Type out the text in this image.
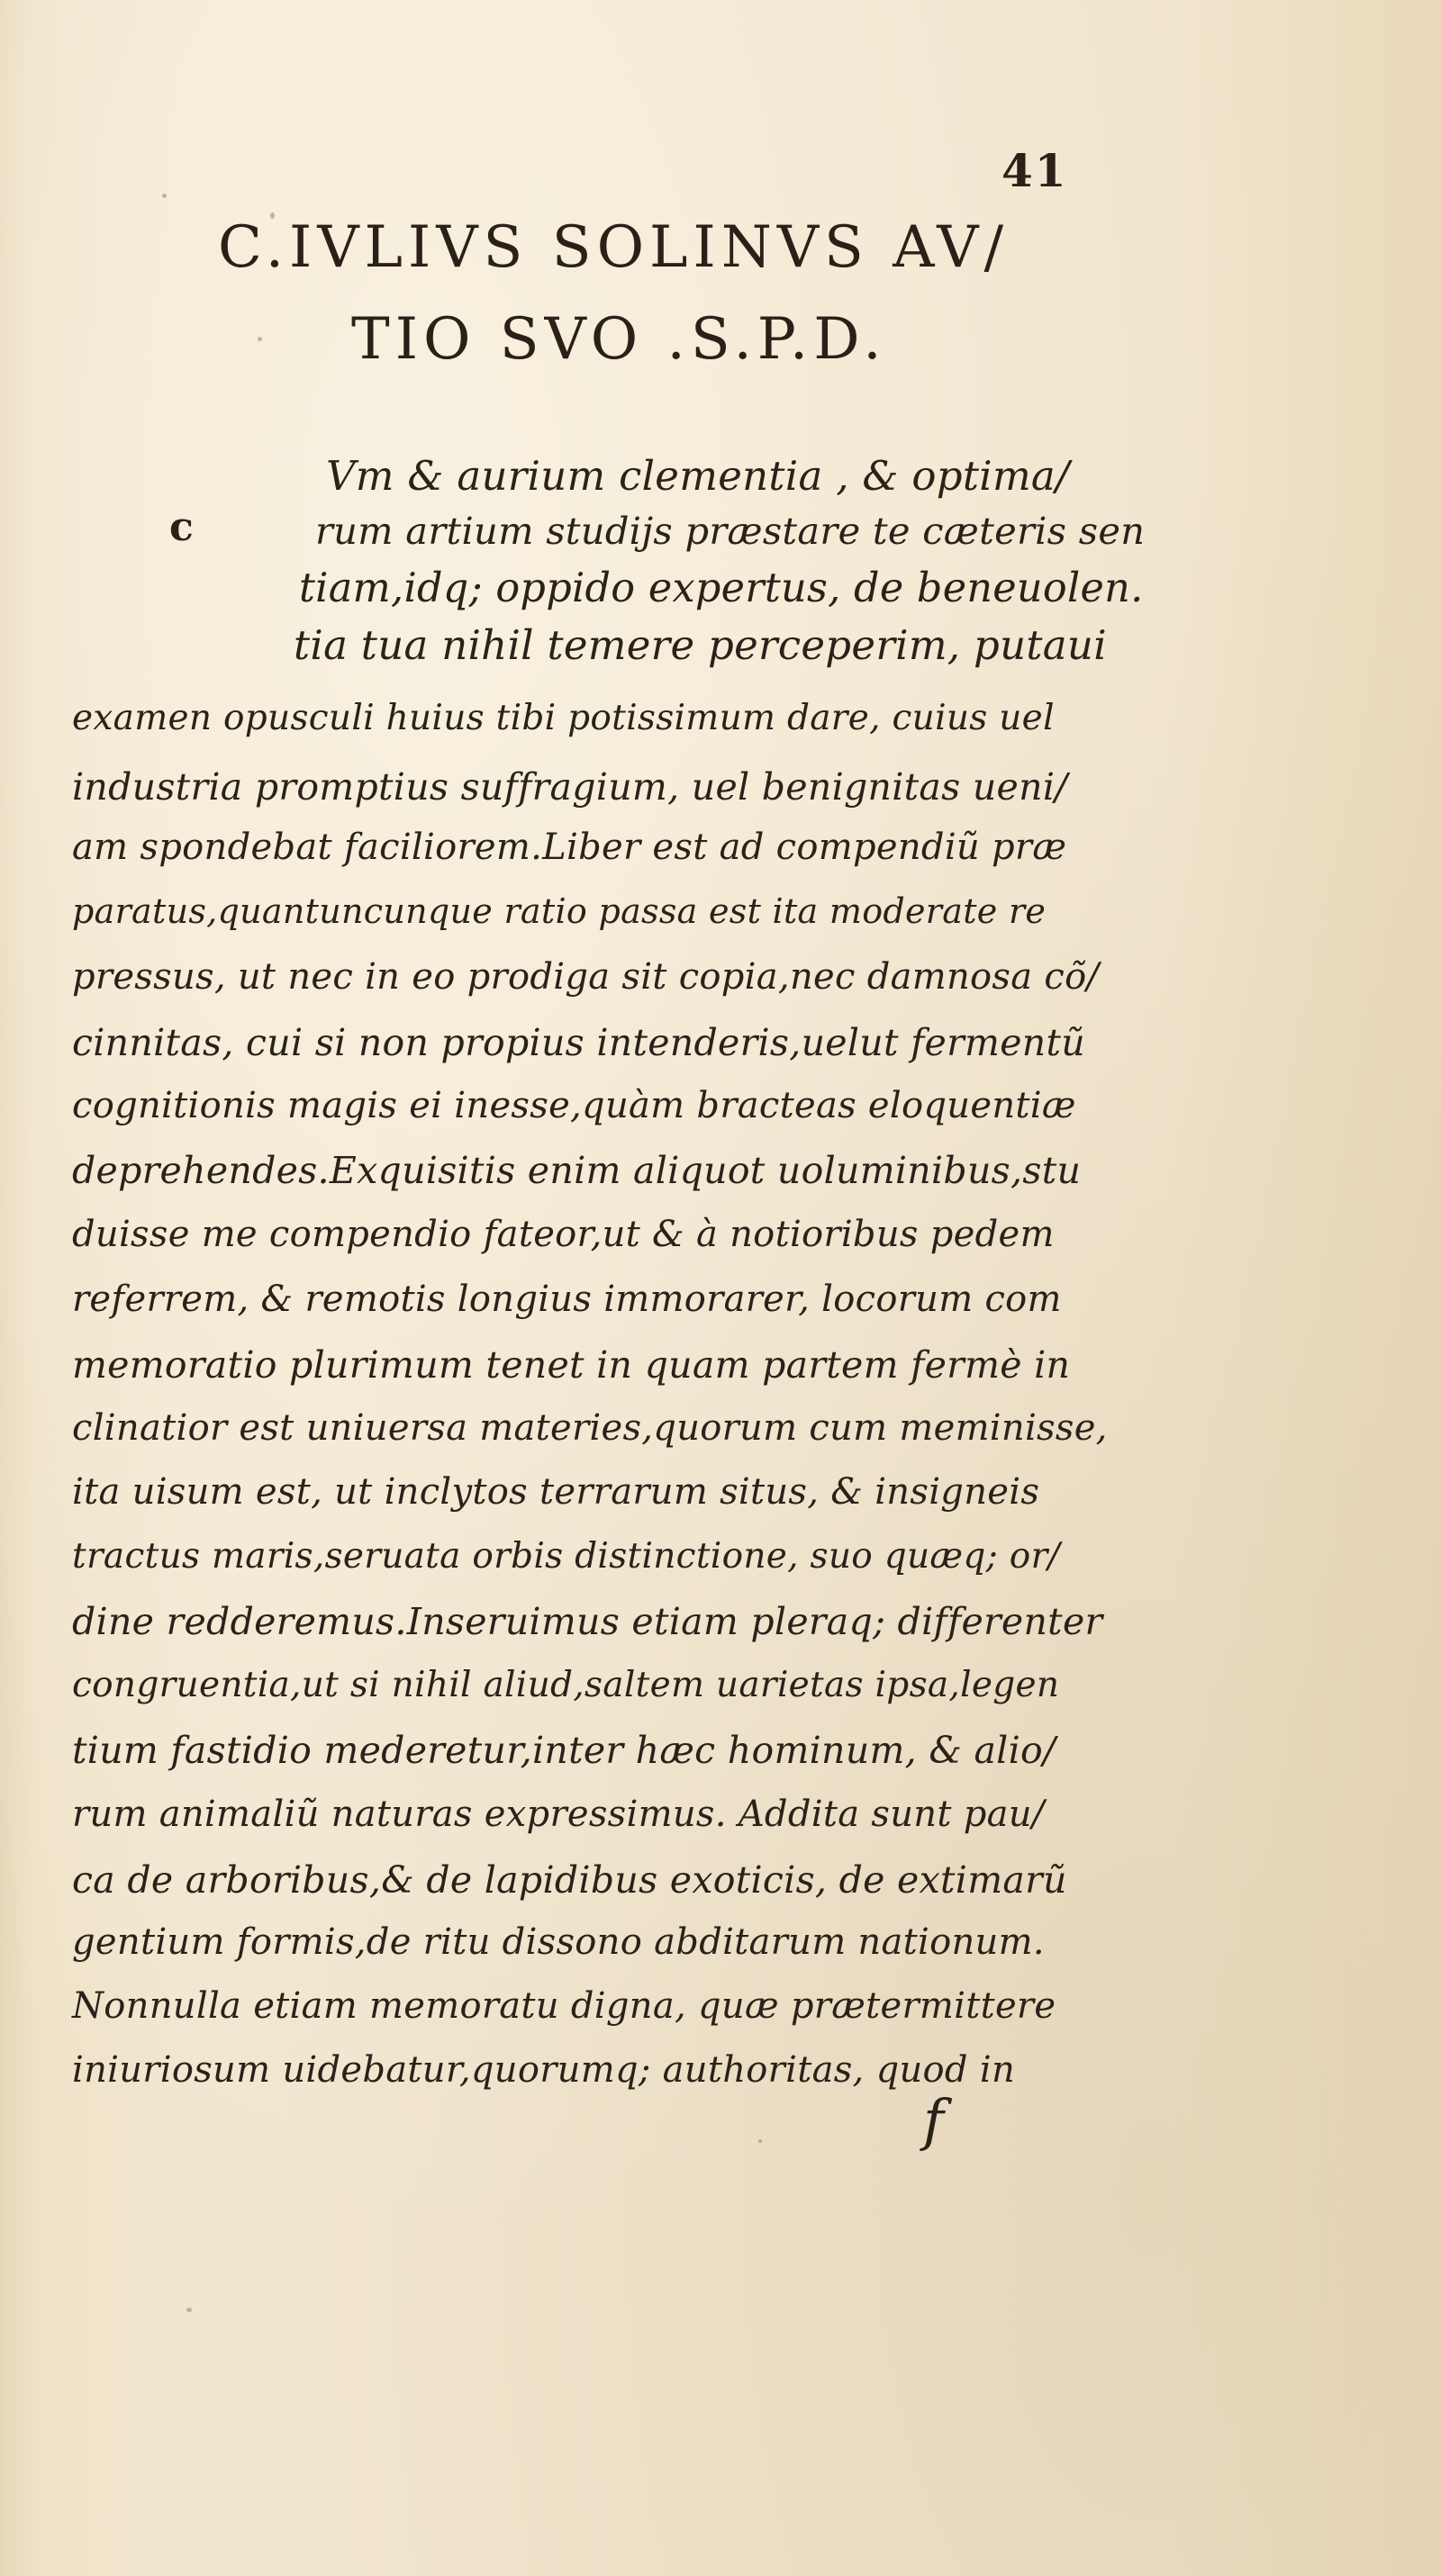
41
C.IVLIVS SOLINVS AV/
TIO SVO .S.P.D.
c
Vm & aurium clementia , & optima/
rum artium studijs præstare te cæteris sen
tiam,idq; oppido expertus, de beneuolen.
tia tua nihil temere perceperim, putaui
examen opusculi huius tibi potissimum dare, cuius uel
industria promptius suffragium, uel benignitas ueni/
am spondebat faciliorem.Liber est ad compendiũ præ
paratus,quantuncunque ratio passa est ita moderate re
pressus, ut nec in eo prodiga sit copia,nec damnosa cõ/
cinnitas, cui si non propius intenderis,uelut fermentũ
cognitionis magis ei inesse,quàm bracteas eloquentiæ
deprehendes.Exquisitis enim aliquot uoluminibus,stu
duisse me compendio fateor,ut & à notioribus pedem
referrem, & remotis longius immorarer, locorum com
memoratio plurimum tenet in quam partem fermè in
clinatior est uniuersa materies,quorum cum meminisse,
ita uisum est, ut inclytos terrarum situs, & insigneis
tractus maris,seruata orbis distinctione, suo quæq; or/
dine redderemus.Inseruimus etiam pleraq; differenter
congruentia,ut si nihil aliud,saltem uarietas ipsa,legen
tium fastidio mederetur,inter hæc hominum, & alio/
rum animaliũ naturas expressimus. Addita sunt pau/
ca de arboribus,& de lapidibus exoticis, de extimarũ
gentium formis,de ritu dissono abditarum nationum.
Nonnulla etiam memoratu digna, quæ prætermittere
iniuriosum uidebatur,quorumq; authoritas, quod in
f
